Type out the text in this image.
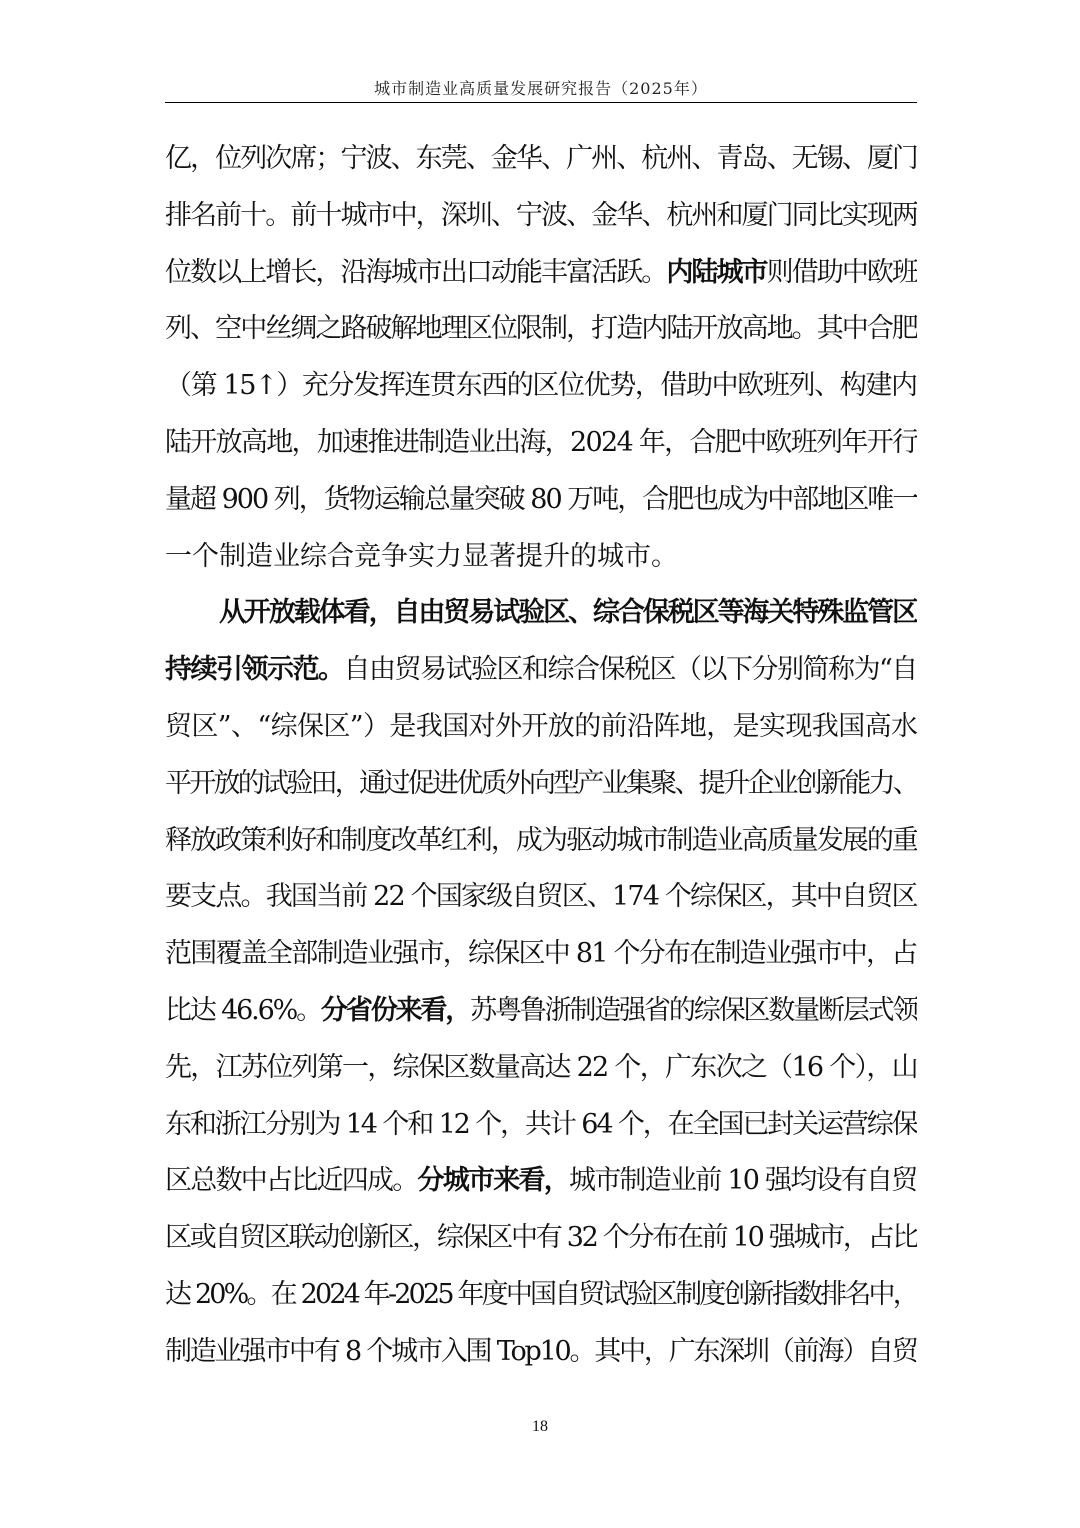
城市制造业高质量发展研究报告（2025年）
亿，位列次席；宁波、东莞、金华、广州、杭州、青岛、无锡、厦门
排名前十。前十城市中，深圳、宁波、金华、杭州和厦门同比实现两
位数以上增长，沿海城市出口动能丰富活跃。内陆城市则借助中欧班
列、空中丝绸之路破解地理区位限制，打造内陆开放高地。其中合肥
（第 15↑）充分发挥连贯东西的区位优势，借助中欧班列、构建内
陆开放高地，加速推进制造业出海，2024 年，合肥中欧班列年开行
量超 900 列，货物运输总量突破 80 万吨，合肥也成为中部地区唯一
一个制造业综合竞争实力显著提升的城市。
从开放载体看，自由贸易试验区、综合保税区等海关特殊监管区
持续引领示范。自由贸易试验区和综合保税区（以下分别简称为“自
贸区”、“综保区”）是我国对外开放的前沿阵地，是实现我国高水
平开放的试验田，通过促进优质外向型产业集聚、提升企业创新能力、
释放政策利好和制度改革红利，成为驱动城市制造业高质量发展的重
要支点。我国当前 22 个国家级自贸区、174 个综保区，其中自贸区
范围覆盖全部制造业强市，综保区中 81 个分布在制造业强市中，占
比达 46.6%。分省份来看，苏粤鲁浙制造强省的综保区数量断层式领
先，江苏位列第一，综保区数量高达 22 个，广东次之（16 个），山
东和浙江分别为 14 个和 12 个，共计 64 个，在全国已封关运营综保
区总数中占比近四成。分城市来看，城市制造业前 10 强均设有自贸
区或自贸区联动创新区，综保区中有 32 个分布在前 10 强城市，占比
达 20%。在 2024 年-2025 年度中国自贸试验区制度创新指数排名中，
制造业强市中有 8 个城市入围 Top10。其中，广东深圳（前海）自贸
18
